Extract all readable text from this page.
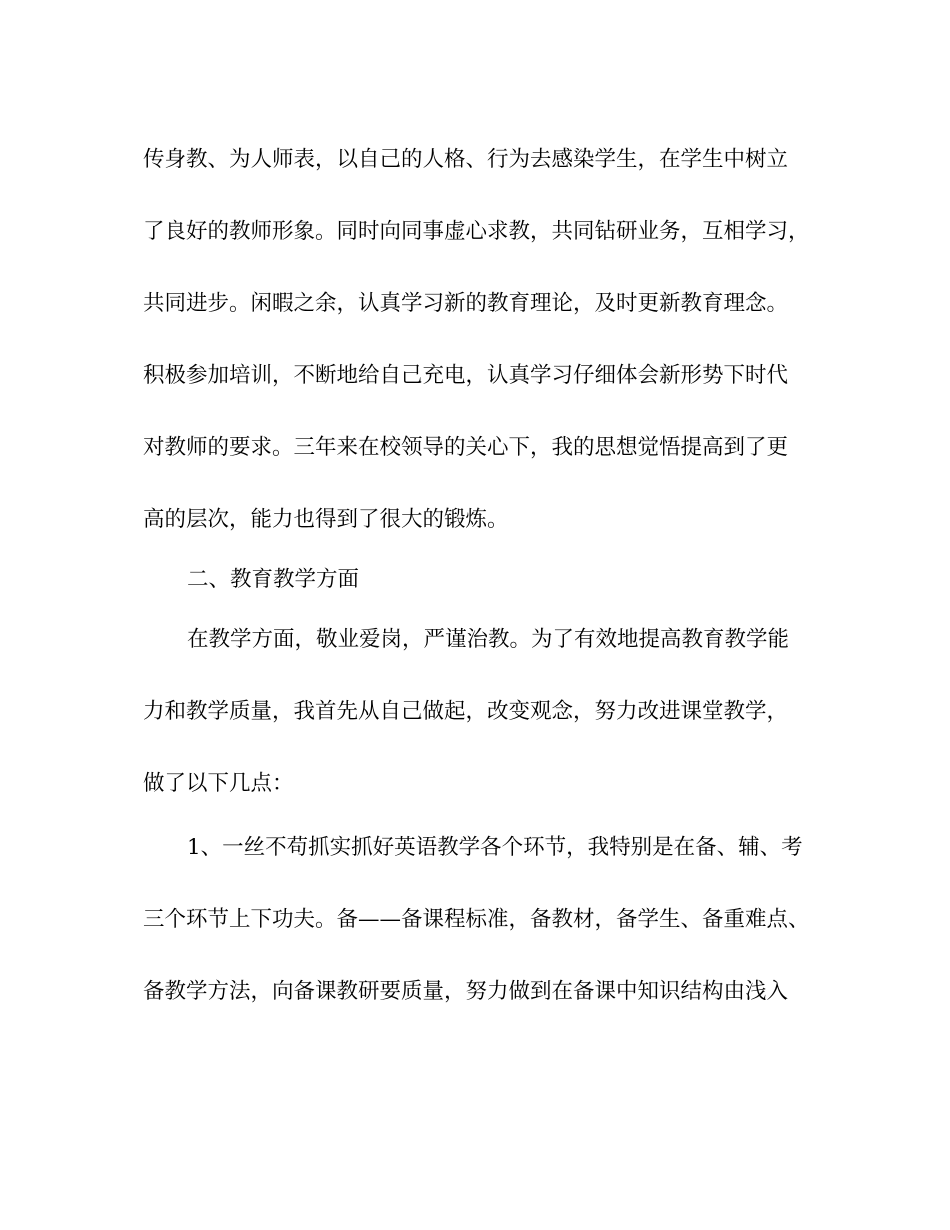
传身教、为人师表，以自己的人格、行为去感染学生，在学生中树立
了良好的教师形象。同时向同事虚心求教，共同钻研业务，互相学习，
共同进步。闲暇之余，认真学习新的教育理论，及时更新教育理念。
积极参加培训，不断地给自己充电，认真学习仔细体会新形势下时代
对教师的要求。三年来在校领导的关心下，我的思想觉悟提高到了更
高的层次，能力也得到了很大的锻炼。
二、教育教学方面
在教学方面，敬业爱岗，严谨治教。为了有效地提高教育教学能
力和教学质量，我首先从自己做起，改变观念，努力改进课堂教学，
做了以下几点：
1、一丝不苟抓实抓好英语教学各个环节，我特别是在备、辅、考
三个环节上下功夫。备——备课程标准，备教材，备学生、备重难点、
备教学方法，向备课教研要质量，努力做到在备课中知识结构由浅入
